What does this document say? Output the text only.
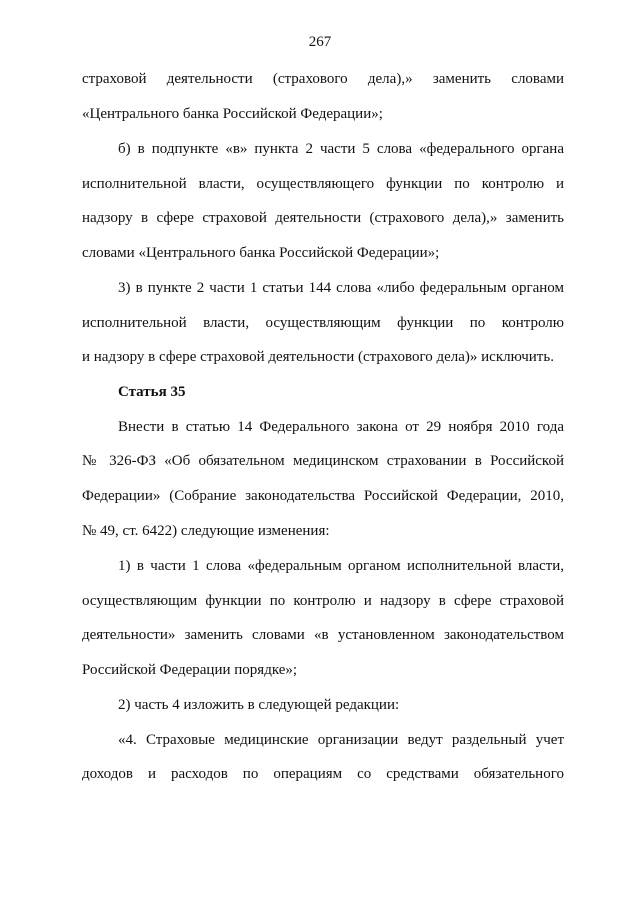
267
страховой деятельности (страхового дела),» заменить словами
«Центрального банка Российской Федерации»;
б) в подпункте «в» пункта 2 части 5 слова «федерального органа
исполнительной власти, осуществляющего функции по контролю и
надзору в сфере страховой деятельности (страхового дела),» заменить
словами «Центрального банка Российской Федерации»;
3) в пункте 2 части 1 статьи 144 слова «либо федеральным органом
исполнительной власти, осуществляющим функции по контролю
и надзору в сфере страховой деятельности (страхового дела)» исключить.
Статья 35
Внести в статью 14 Федерального закона от 29 ноября 2010 года
№ 326-ФЗ «Об обязательном медицинском страховании в Российской
Федерации» (Собрание законодательства Российской Федерации, 2010,
№ 49, ст. 6422) следующие изменения:
1) в части 1 слова «федеральным органом исполнительной власти,
осуществляющим функции по контролю и надзору в сфере страховой
деятельности» заменить словами «в установленном законодательством
Российской Федерации порядке»;
2) часть 4 изложить в следующей редакции:
«4. Страховые медицинские организации ведут раздельный учет
доходов и расходов по операциям со средствами обязательного
